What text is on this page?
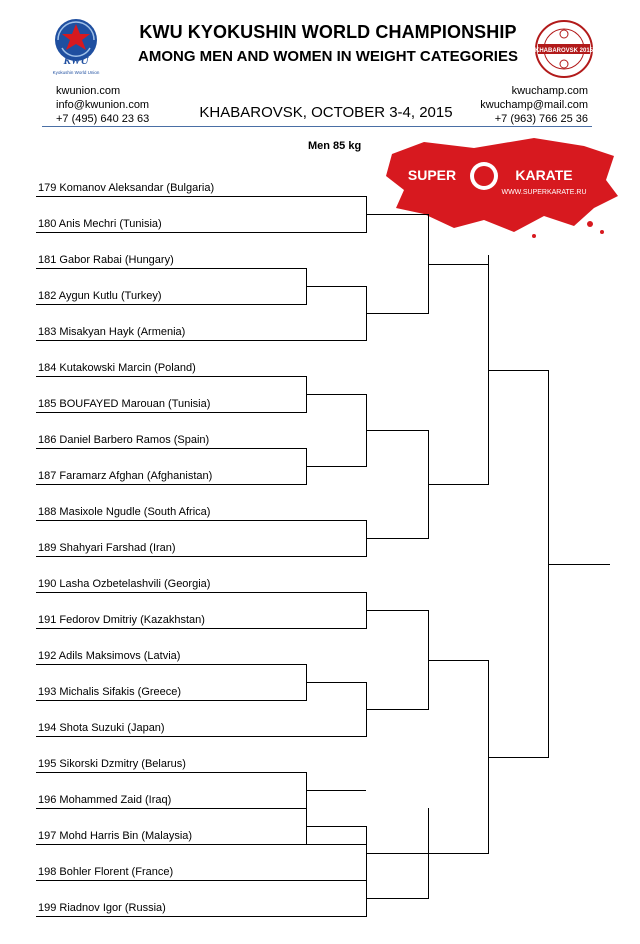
KWU
Kyokushin World Union
KWU KYOKUSHIN WORLD CHAMPIONSHIP
AMONG MEN AND WOMEN IN WEIGHT CATEGORIES	KHABAROVSK 2015
kwunion.com
info@kwunion.com
+7 (495) 640 23 63	KHABAROVSK, OCTOBER 3-4, 2015
kwuchamp.com
kwuchamp@mail.com
+7 (963) 766 25 36
Men 85 kg
SUPER	KARATE
WWW.SUPERKARATE.RU
179 Komanov Aleksandar (Bulgaria)
180 Anis Mechri (Tunisia)
181 Gabor Rabai (Hungary)
182 Aygun Kutlu (Turkey)
183 Misakyan Hayk (Armenia)
184 Kutakowski Marcin (Poland)
185 BOUFAYED Marouan (Tunisia)
186 Daniel Barbero Ramos (Spain)
187 Faramarz Afghan (Afghanistan)
188 Masixole Ngudle (South Africa)
189 Shahyari Farshad (Iran)
190 Lasha Ozbetelashvili (Georgia)
191 Fedorov Dmitriy (Kazakhstan)
192 Adils Maksimovs (Latvia)
193 Michalis Sifakis (Greece)
194 Shota Suzuki (Japan)
195 Sikorski Dzmitry (Belarus)
196 Mohammed Zaid (Iraq)
197 Mohd Harris Bin (Malaysia)
198 Bohler Florent (France)
199 Riadnov Igor (Russia)
